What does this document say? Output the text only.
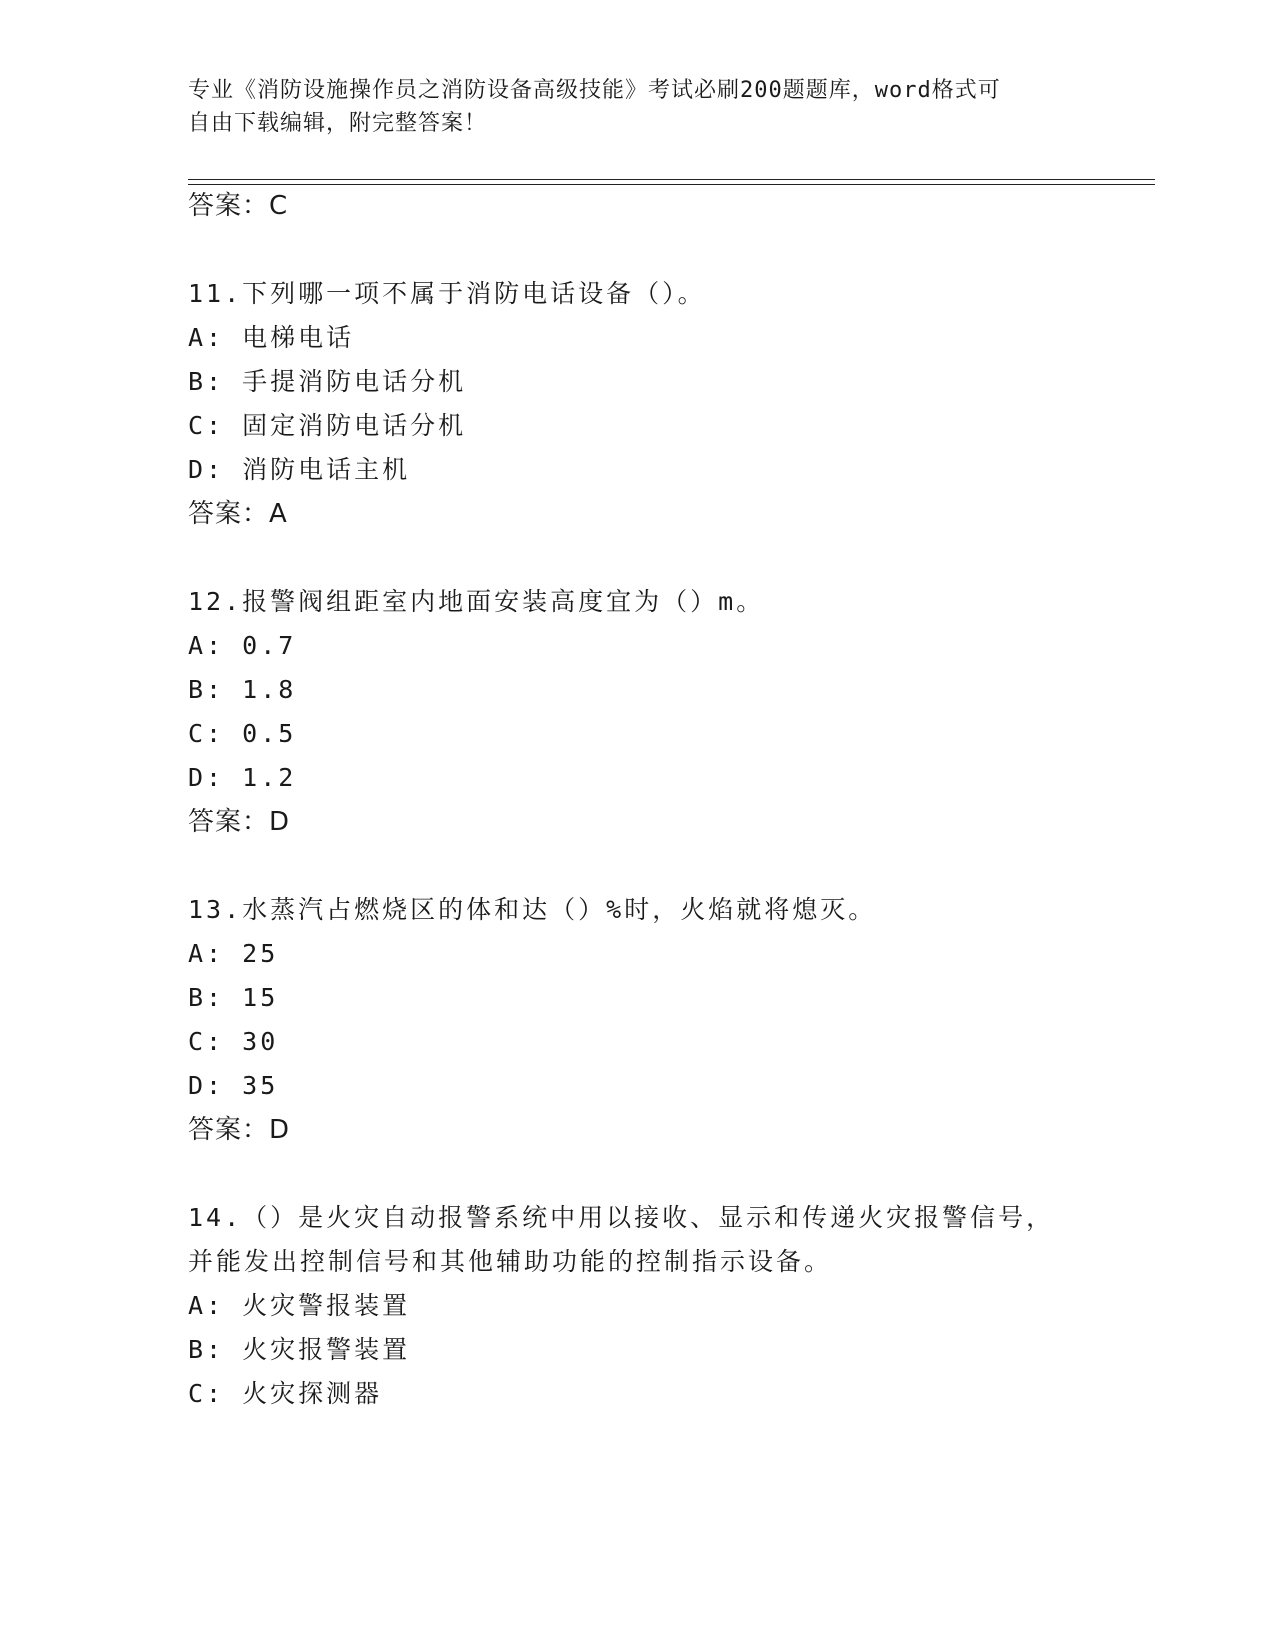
专业《消防设施操作员之消防设备高级技能》考试必刷200题题库，word格式可
自由下载编辑，附完整答案！
答案：C
11.下列哪一项不属于消防电话设备（）。
A: 电梯电话
B: 手提消防电话分机
C: 固定消防电话分机
D: 消防电话主机
答案：A
12.报警阀组距室内地面安装高度宜为（）m。
A: 0.7
B: 1.8
C: 0.5
D: 1.2
答案：D
13.水蒸汽占燃烧区的体和达（）%时，火焰就将熄灭。
A: 25
B: 15
C: 30
D: 35
答案：D
14.（）是火灾自动报警系统中用以接收、显示和传递火灾报警信号，
并能发出控制信号和其他辅助功能的控制指示设备。
A: 火灾警报装置
B: 火灾报警装置
C: 火灾探测器
